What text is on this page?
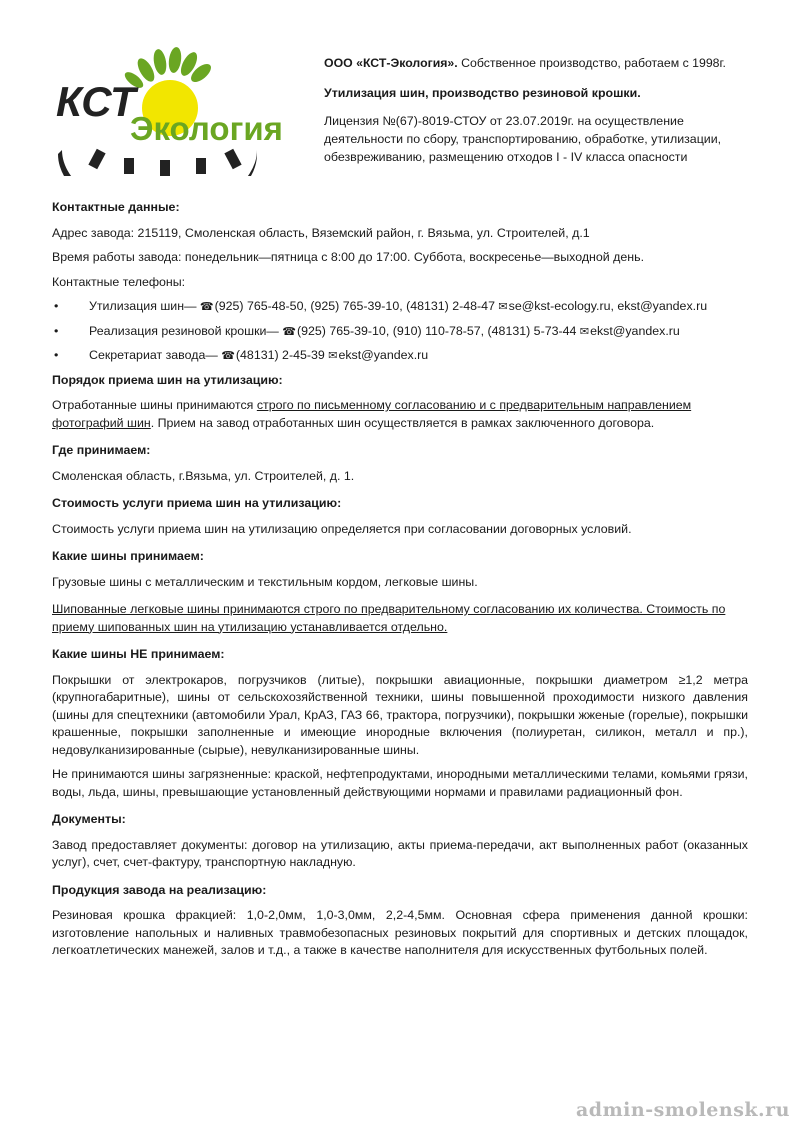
КСТ
Экология
ООО «КСТ-Экология». Собственное производство, работаем с 1998г.
Утилизация шин, производство резиновой крошки.
Лицензия №(67)-8019-СТОУ от 23.07.2019г. на осуществление деятельности по сбору, транспортированию, обработке, утилизации, обезвреживанию, размещению отходов I - IV класса опасности
Контактные данные:

Адрес завода: 215119, Смоленская область, Вяземский район, г. Вязьма, ул. Строителей, д.1

Время работы завода: понедельник—пятница с 8:00 до 17:00. Суббота, воскресенье—выходной день.

Контактные телефоны:

• Утилизация шин— ☎(925) 765-48-50, (925) 765-39-10, (48131) 2-48-47 ✉se@kst-ecology.ru, ekst@yandex.ru
• Реализация резиновой крошки— ☎(925) 765-39-10, (910) 110-78-57, (48131) 5-73-44 ✉ekst@yandex.ru
• Секретариат завода— ☎(48131) 2-45-39 ✉ekst@yandex.ru
Порядок приема шин на утилизацию:

Отработанные шины принимаются строго по письменному согласованию и с предварительным направлением фотографий шин. Прием на завод отработанных шин осуществляется в рамках заключенного договора.

Где принимаем:

Смоленская область, г.Вязьма, ул. Строителей, д. 1.

Стоимость услуги приема шин на утилизацию:

Стоимость услуги приема шин на утилизацию определяется при согласовании договорных условий.

Какие шины принимаем:

Грузовые шины с металлическим и текстильным кордом, легковые шины.

Шипованные легковые шины принимаются строго по предварительному согласованию их количества. Стоимость по приему шипованных шин на утилизацию устанавливается отдельно.

Какие шины НЕ принимаем:

Покрышки от электрокаров, погрузчиков (литые), покрышки авиационные, покрышки диаметром ≥1,2 метра (крупногабаритные), шины от сельскохозяйственной техники, шины повышенной проходимости низкого давления (шины для спецтехники (автомобили Урал, КрАЗ, ГАЗ 66, трактора, погрузчики), покрышки жженые (горелые), покрышки крашенные, покрышки заполненные и имеющие инородные включения (полиуретан, силикон, металл и пр.), недовулканизированные (сырые), невулканизированные шины.

Не принимаются шины загрязненные: краской, нефтепродуктами, инородными металлическими телами, комьями грязи, воды, льда, шины, превышающие установленный действующими нормами и правилами радиационный фон.

Документы:

Завод предоставляет документы: договор на утилизацию, акты приема-передачи, акт выполненных работ (оказанных услуг), счет, счет-фактуру, транспортную накладную.

Продукция завода на реализацию:

Резиновая крошка фракцией: 1,0-2,0мм, 1,0-3,0мм, 2,2-4,5мм. Основная сфера применения данной крошки: изготовление напольных и наливных травмобезопасных резиновых покрытий для спортивных и детских площадок, легкоатлетических манежей, залов и т.д., а также в качестве наполнителя для искусственных футбольных полей.

admin-smolensk.ru
